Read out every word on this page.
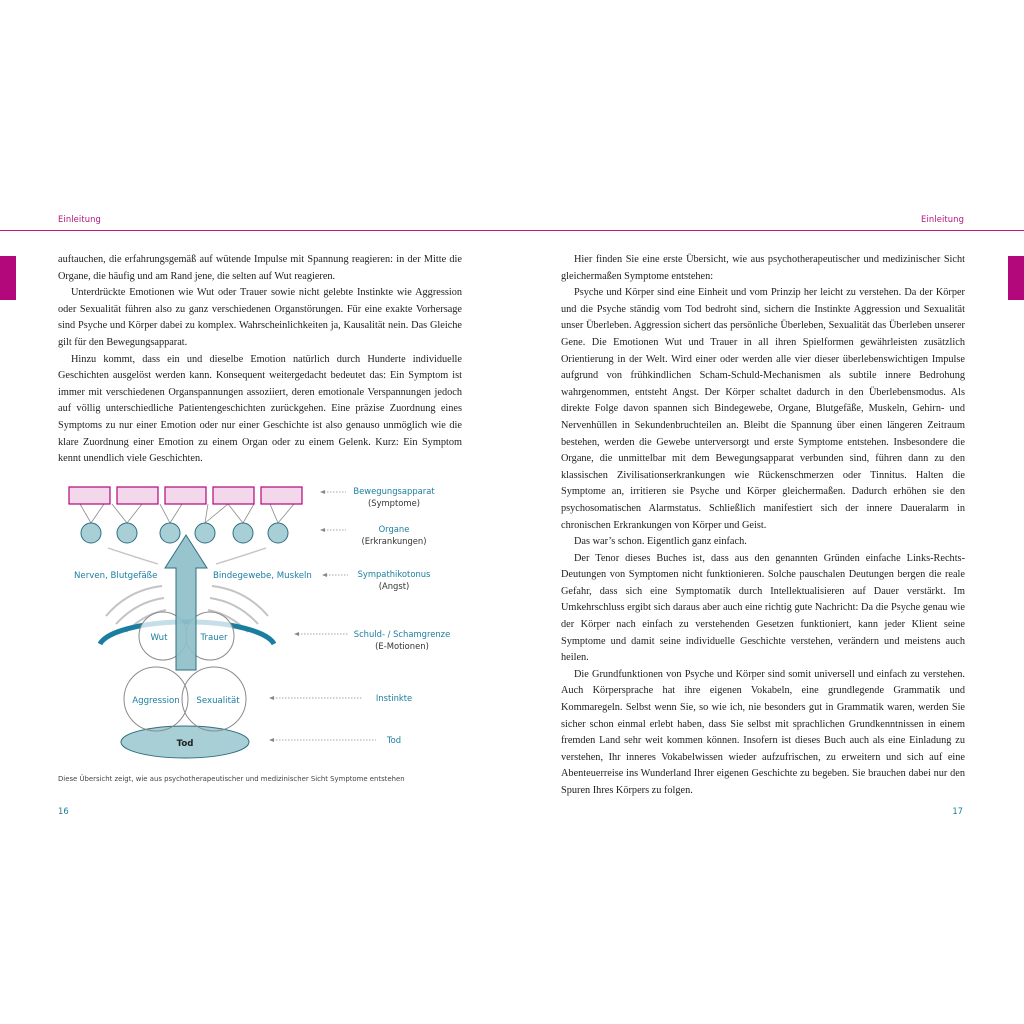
Einleitung	Einleitung

auftauchen, die erfahrungsgemäß auf wütende Impulse mit Spannung reagieren: in der Mitte die Organe, die häufig und am Rand jene, die selten auf Wut reagieren.

Unterdrückte Emotionen wie Wut oder Trauer sowie nicht gelebte Instinkte wie Aggression oder Sexualität führen also zu ganz verschiedenen Organstörungen. Für eine exakte Vorhersage sind Psyche und Körper dabei zu komplex. Wahrscheinlichkeiten ja, Kausalität nein. Das Gleiche gilt für den Bewegungsapparat.

Hinzu kommt, dass ein und dieselbe Emotion natürlich durch Hunderte individuelle Geschichten ausgelöst werden kann. Konsequent weitergedacht bedeutet das: Ein Symptom ist immer mit verschiedenen Organspannungen assoziiert, deren emotionale Verspannungen jedoch auf völlig unterschiedliche Patientengeschichten zurückgehen. Eine präzise Zuordnung eines Symptoms zu nur einer Emotion oder nur einer Geschichte ist also genauso unmöglich wie die klare Zuordnung einer Emotion zu einem Organ oder zu einem Gelenk. Kurz: Ein Symptom kennt unendlich viele Geschichten.

Nerven, Blutgefäße	Bindegewebe, Muskeln
Tod
Aggression Sexualität
Wut	Trauer
Bewegungsapparat
(Symptome)
Organe
(Erkrankungen)
Sympathikotonus
(Angst)
Schuld- / Schamgrenze
(E-Motionen)
Instinkte
Tod
Diese Übersicht zeigt, wie aus psychotherapeutischer und medizinischer Sicht Symptome entstehen

Hier finden Sie eine erste Übersicht, wie aus psychotherapeutischer und medizinischer Sicht gleichermaßen Symptome entstehen:

Psyche und Körper sind eine Einheit und vom Prinzip her leicht zu verstehen. Da der Körper und die Psyche ständig vom Tod bedroht sind, sichern die Instinkte Aggression und Sexualität unser Überleben. Aggression sichert das persönliche Überleben, Sexualität das Überleben unserer Gene. Die Emotionen Wut und Trauer in all ihren Spielformen gewährleisten zusätzlich Orientierung in der Welt. Wird einer oder werden alle vier dieser überlebenswichtigen Impulse aufgrund von frühkindlichen Scham-Schuld-Mechanismen als subtile innere Bedrohung wahrgenommen, entsteht Angst. Der Körper schaltet dadurch in den Überlebensmodus. Als direkte Folge davon spannen sich Bindegewebe, Organe, Blutgefäße, Muskeln, Gehirn- und Nervenhüllen in Sekundenbruchteilen an. Bleibt die Spannung über einen längeren Zeitraum bestehen, werden die Gewebe unterversorgt und erste Symptome entstehen. Insbesondere die Organe, die unmittelbar mit dem Bewegungsapparat verbunden sind, führen dann zu den klassischen Zivilisationserkrankungen wie Rückenschmerzen oder Tinnitus. Halten die Symptome an, irritieren sie Psyche und Körper gleichermaßen. Dadurch erhöhen sie den psychosomatischen Alarmstatus. Schließlich manifestiert sich der innere Daueralarm in chronischen Erkrankungen von Körper und Geist.

Das war’s schon. Eigentlich ganz einfach.

Der Tenor dieses Buches ist, dass aus den genannten Gründen einfache Links-Rechts-Deutungen von Symptomen nicht funktionieren. Solche pauschalen Deutungen bergen die reale Gefahr, dass sich eine Symptomatik durch Intellektualisieren auf Dauer verstärkt. Im Umkehrschluss ergibt sich daraus aber auch eine richtig gute Nachricht: Da die Psyche genau wie der Körper nach einfach zu verstehenden Gesetzen funktioniert, kann jeder Klient seine Symptome und damit seine individuelle Geschichte verstehen, verändern und meistens auch heilen.

Die Grundfunktionen von Psyche und Körper sind somit universell und einfach zu verstehen. Auch Körpersprache hat ihre eigenen Vokabeln, eine grundlegende Grammatik und Kommaregeln. Selbst wenn Sie, so wie ich, nie besonders gut in Grammatik waren, werden Sie sicher schon einmal erlebt haben, dass Sie selbst mit sprachlichen Grundkenntnissen in einem fremden Land sehr weit kommen können. Insofern ist dieses Buch auch als eine Einladung zu verstehen, Ihr inneres Vokabelwissen wieder aufzufrischen, zu erweitern und sich auf eine Abenteuerreise ins Wunderland Ihrer eigenen Geschichte zu begeben. Sie brauchen dabei nur den Spuren Ihres Körpers zu folgen.

16	17
